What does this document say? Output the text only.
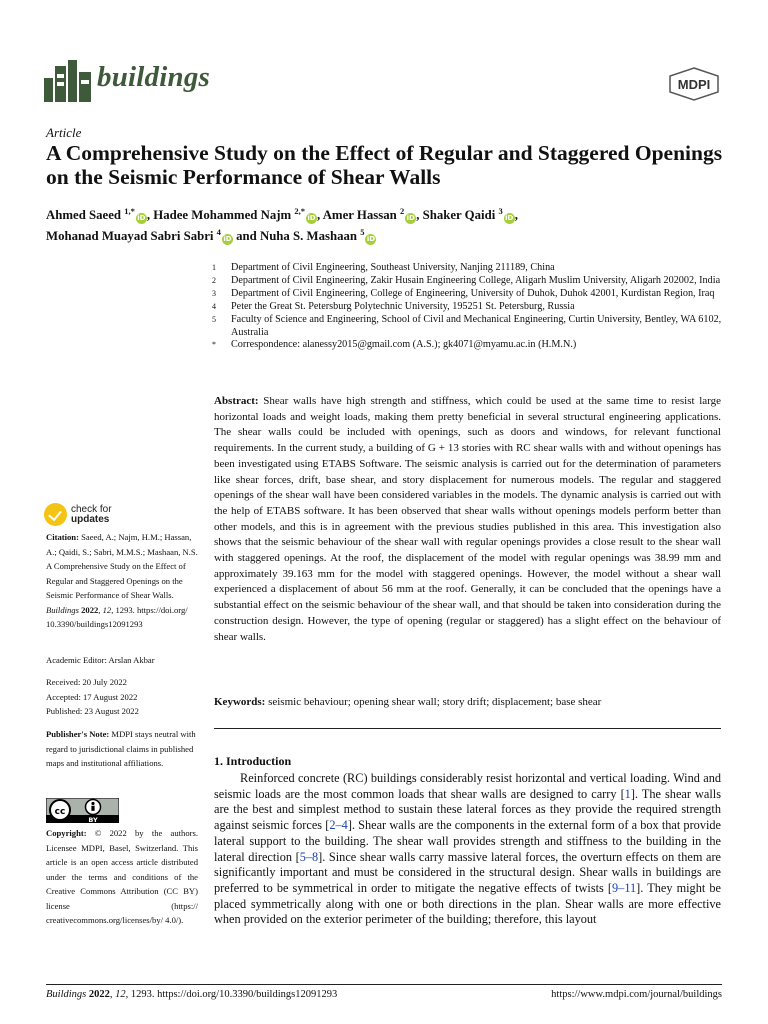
buildings	MDPI
Article
A Comprehensive Study on the Effect of Regular and Staggered Openings on the Seismic Performance of Shear Walls
Ahmed Saeed $^{1,*}$iD, Hadee Mohammed Najm $^{2,*}$iD, Amer Hassan $^2$iD, Shaker Qaidi $^3$iD,
Mohanad Muayad Sabri Sabri $^4$iD and Nuha S. Mashaan $^5$iD
1	Department of Civil Engineering, Southeast University, Nanjing 211189, China
2	Department of Civil Engineering, Zakir Husain Engineering College, Aligarh Muslim University, Aligarh 202002, India
3	Department of Civil Engineering, College of Engineering, University of Duhok, Duhok 42001, Kurdistan Region, Iraq
4	Peter the Great St. Petersburg Polytechnic University, 195251 St. Petersburg, Russia
5	Faculty of Science and Engineering, School of Civil and Mechanical Engineering, Curtin University, Bentley, WA 6102, Australia
*	Correspondence: alanessy2015@gmail.com (A.S.); gk4071@myamu.ac.in (H.M.N.)
Abstract: Shear walls have high strength and stiffness, which could be used at the same time to resist large horizontal loads and weight loads, making them pretty beneficial in several structural engineering applications. The shear walls could be included with openings, such as doors and windows, for relevant functional requirements. In the current study, a building of G + 13 stories with RC shear walls with and without openings has been investigated using ETABS Software. The seismic analysis is carried out for the determination of parameters like shear forces, drift, base shear, and story displacement for numerous models. The regular and staggered openings of the shear wall have been considered variables in the models. The dynamic analysis is carried out with the help of ETABS software. It has been observed that shear walls without openings models perform better than other models, and this is in agreement with the previous studies published in this area. This investigation also shows that the seismic behaviour of the shear wall with regular openings provides a close result to the shear wall with staggered openings. At the roof, the displacement of the model with regular openings was 38.99 mm and approximately 39.163 mm for the model with staggered openings. However, the model without a shear wall experienced a displacement of about 56 mm at the roof. Generally, it can be concluded that the openings have a substantial effect on the seismic behaviour of the shear wall, and that should be taken into consideration during the construction design. However, the type of opening (regular or staggered) has a slight effect on the behaviour of shear walls.
Keywords: seismic behaviour; opening shear wall; story drift; displacement; base shear
1. Introduction

Reinforced concrete (RC) buildings considerably resist horizontal and vertical loading. Wind and seismic loads are the most common loads that shear walls are designed to carry [1]. The shear walls are the best and simplest method to sustain these lateral forces as they provide the required strength against seismic forces [2–4]. Shear walls are the components in the external form of a box that provide lateral support to the building. The shear wall provides strength and stiffness to the building in the lateral direction [5–8]. Since shear walls carry massive lateral forces, the overturn effects on them are significantly important and must be considered in the structural design. Shear walls in buildings are preferred to be symmetrical in order to mitigate the negative effects of twists [9–11]. They might be placed symmetrically along with one or both directions in the plan. Shear walls are more effective when provided on the exterior perimeter of the building; therefore, this layout

check for
updates
Citation: Saeed, A.; Najm, H.M.; Hassan, A.; Qaidi, S.; Sabri, M.M.S.; Mashaan, N.S. A Comprehensive Study on the Effect of Regular and Staggered Openings on the Seismic Performance of Shear Walls. Buildings 2022, 12, 1293. https://doi.org/ 10.3390/buildings12091293
Academic Editor: Arslan Akbar
Received: 20 July 2022
Accepted: 17 August 2022
Published: 23 August 2022
Publisher's Note: MDPI stays neutral with regard to jurisdictional claims in published maps and institutional affiliations.
cc
BY
Copyright: © 2022 by the authors. Licensee MDPI, Basel, Switzerland. This article is an open access article distributed under the terms and conditions of the Creative Commons Attribution (CC BY) license (https:// creativecommons.org/licenses/by/ 4.0/).
Buildings 2022, 12, 1293. https://doi.org/10.3390/buildings12091293	https://www.mdpi.com/journal/buildings
